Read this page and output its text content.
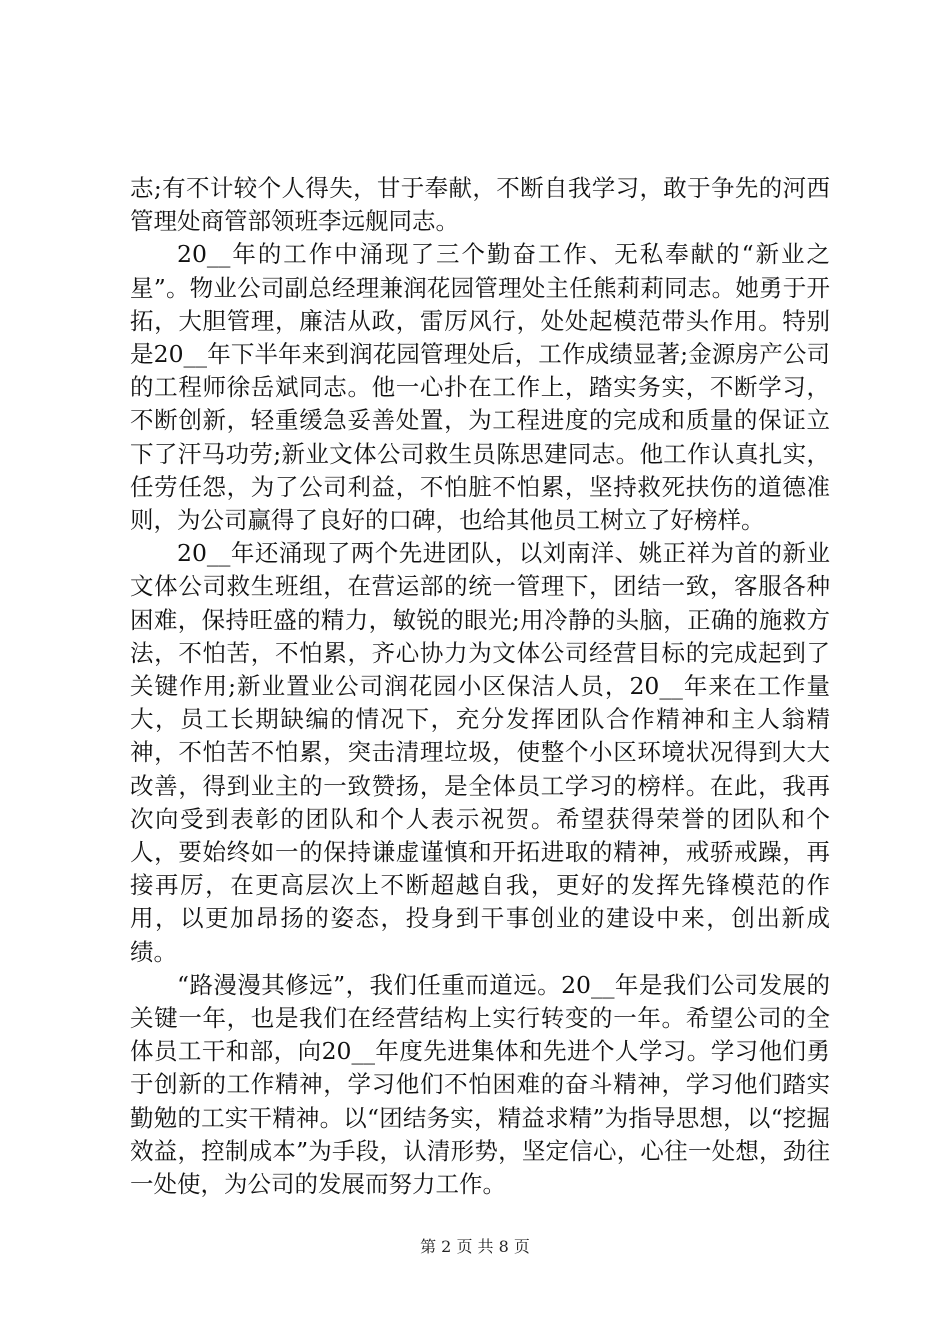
志;有不计较个人得失，甘于奉献，不断自我学习，敢于争先的河西管理处商管部领班李远舰同志。

20__年的工作中涌现了三个勤奋工作、无私奉献的“新业之星”。物业公司副总经理兼润花园管理处主任熊莉莉同志。她勇于开拓，大胆管理，廉洁从政，雷厉风行，处处起模范带头作用。特别是20__年下半年来到润花园管理处后，工作成绩显著;金源房产公司的工程师徐岳斌同志。他一心扑在工作上，踏实务实，不断学习，不断创新，轻重缓急妥善处置，为工程进度的完成和质量的保证立下了汗马功劳;新业文体公司救生员陈思建同志。他工作认真扎实，任劳任怨，为了公司利益，不怕脏不怕累，坚持救死扶伤的道德准则，为公司赢得了良好的口碑，也给其他员工树立了好榜样。

20__年还涌现了两个先进团队，以刘南洋、姚正祥为首的新业文体公司救生班组，在营运部的统一管理下，团结一致，客服各种困难，保持旺盛的精力，敏锐的眼光;用冷静的头脑，正确的施救方法，不怕苦，不怕累，齐心协力为文体公司经营目标的完成起到了关键作用;新业置业公司润花园小区保洁人员，20__年来在工作量大，员工长期缺编的情况下，充分发挥团队合作精神和主人翁精神，不怕苦不怕累，突击清理垃圾，使整个小区环境状况得到大大改善，得到业主的一致赞扬，是全体员工学习的榜样。在此，我再次向受到表彰的团队和个人表示祝贺。希望获得荣誉的团队和个人，要始终如一的保持谦虚谨慎和开拓进取的精神，戒骄戒躁，再接再厉，在更高层次上不断超越自我，更好的发挥先锋模范的作用，以更加昂扬的姿态，投身到干事创业的建设中来，创出新成绩。

“路漫漫其修远”，我们任重而道远。20__年是我们公司发展的关键一年，也是我们在经营结构上实行转变的一年。希望公司的全体员工干和部，向20__年度先进集体和先进个人学习。学习他们勇于创新的工作精神，学习他们不怕困难的奋斗精神，学习他们踏实勤勉的工实干精神。以“团结务实，精益求精”为指导思想，以“挖掘效益，控制成本”为手段，认清形势，坚定信心，心往一处想，劲往一处使，为公司的发展而努力工作。

第 2 页 共 8 页
